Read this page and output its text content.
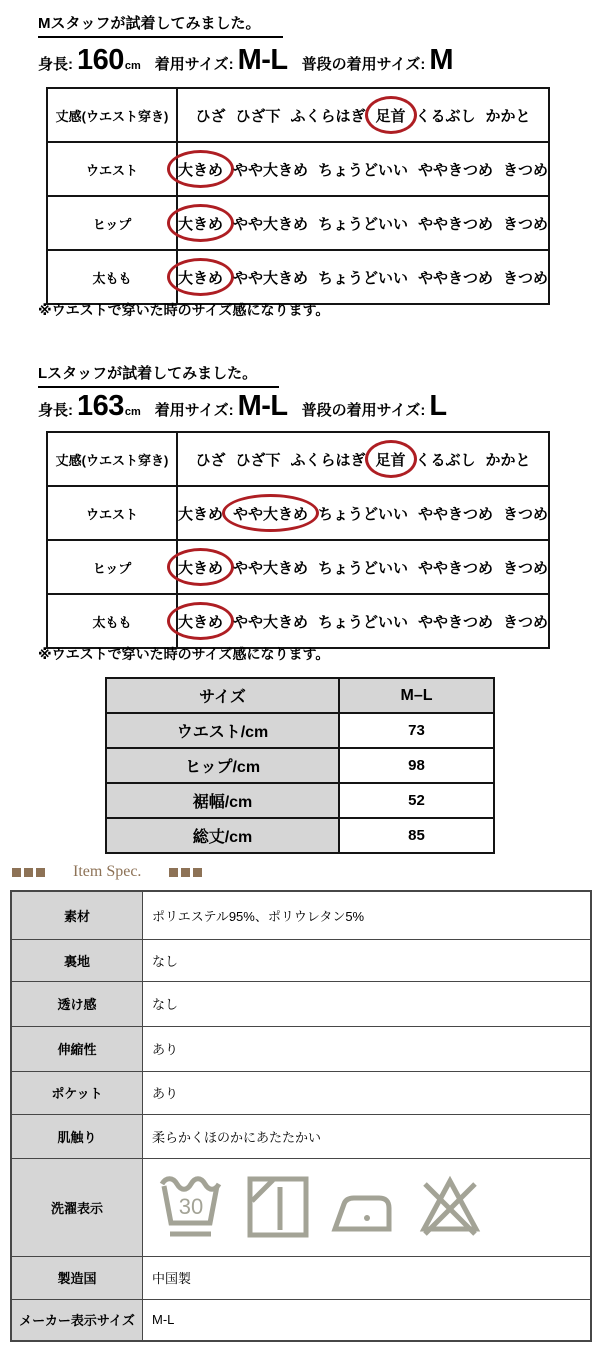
Mスタッフが試着してみました。
身長: 160 cm 着用サイズ: M-L 普段の着用サイズ: M
丈感(ウエスト穿き)	ひざ ひざ下 ふくらはぎ 足首 くるぶし かかと

ウエスト	大きめ やや大きめ ちょうどいい ややきつめ きつめ

ヒップ	大きめ やや大きめ ちょうどいい ややきつめ きつめ

太もも	大きめ やや大きめ ちょうどいい ややきつめ きつめ
※ウエストで穿いた時のサイズ感になります。
Lスタッフが試着してみました。
身長: 163 cm 着用サイズ: M-L 普段の着用サイズ: L
丈感(ウエスト穿き)	ひざ ひざ下 ふくらはぎ 足首 くるぶし かかと

ウエスト	大きめ やや大きめ ちょうどいい ややきつめ きつめ

ヒップ	大きめ やや大きめ ちょうどいい ややきつめ きつめ

太もも	大きめ やや大きめ ちょうどいい ややきつめ きつめ
※ウエストで穿いた時のサイズ感になります。
サイズ	M–L
ウエスト/cm	73
ヒップ/cm	98
裾幅/cm	52
総丈/cm	85
Item Spec.
素材	ポリエステル95%、ポリウレタン5%
裏地	なし
透け感	なし
伸縮性	あり
ポケット	あり
肌触り	柔らかくほのかにあたたかい
洗濯表示	30

製造国	中国製
メーカー表示サイズ	M-L
